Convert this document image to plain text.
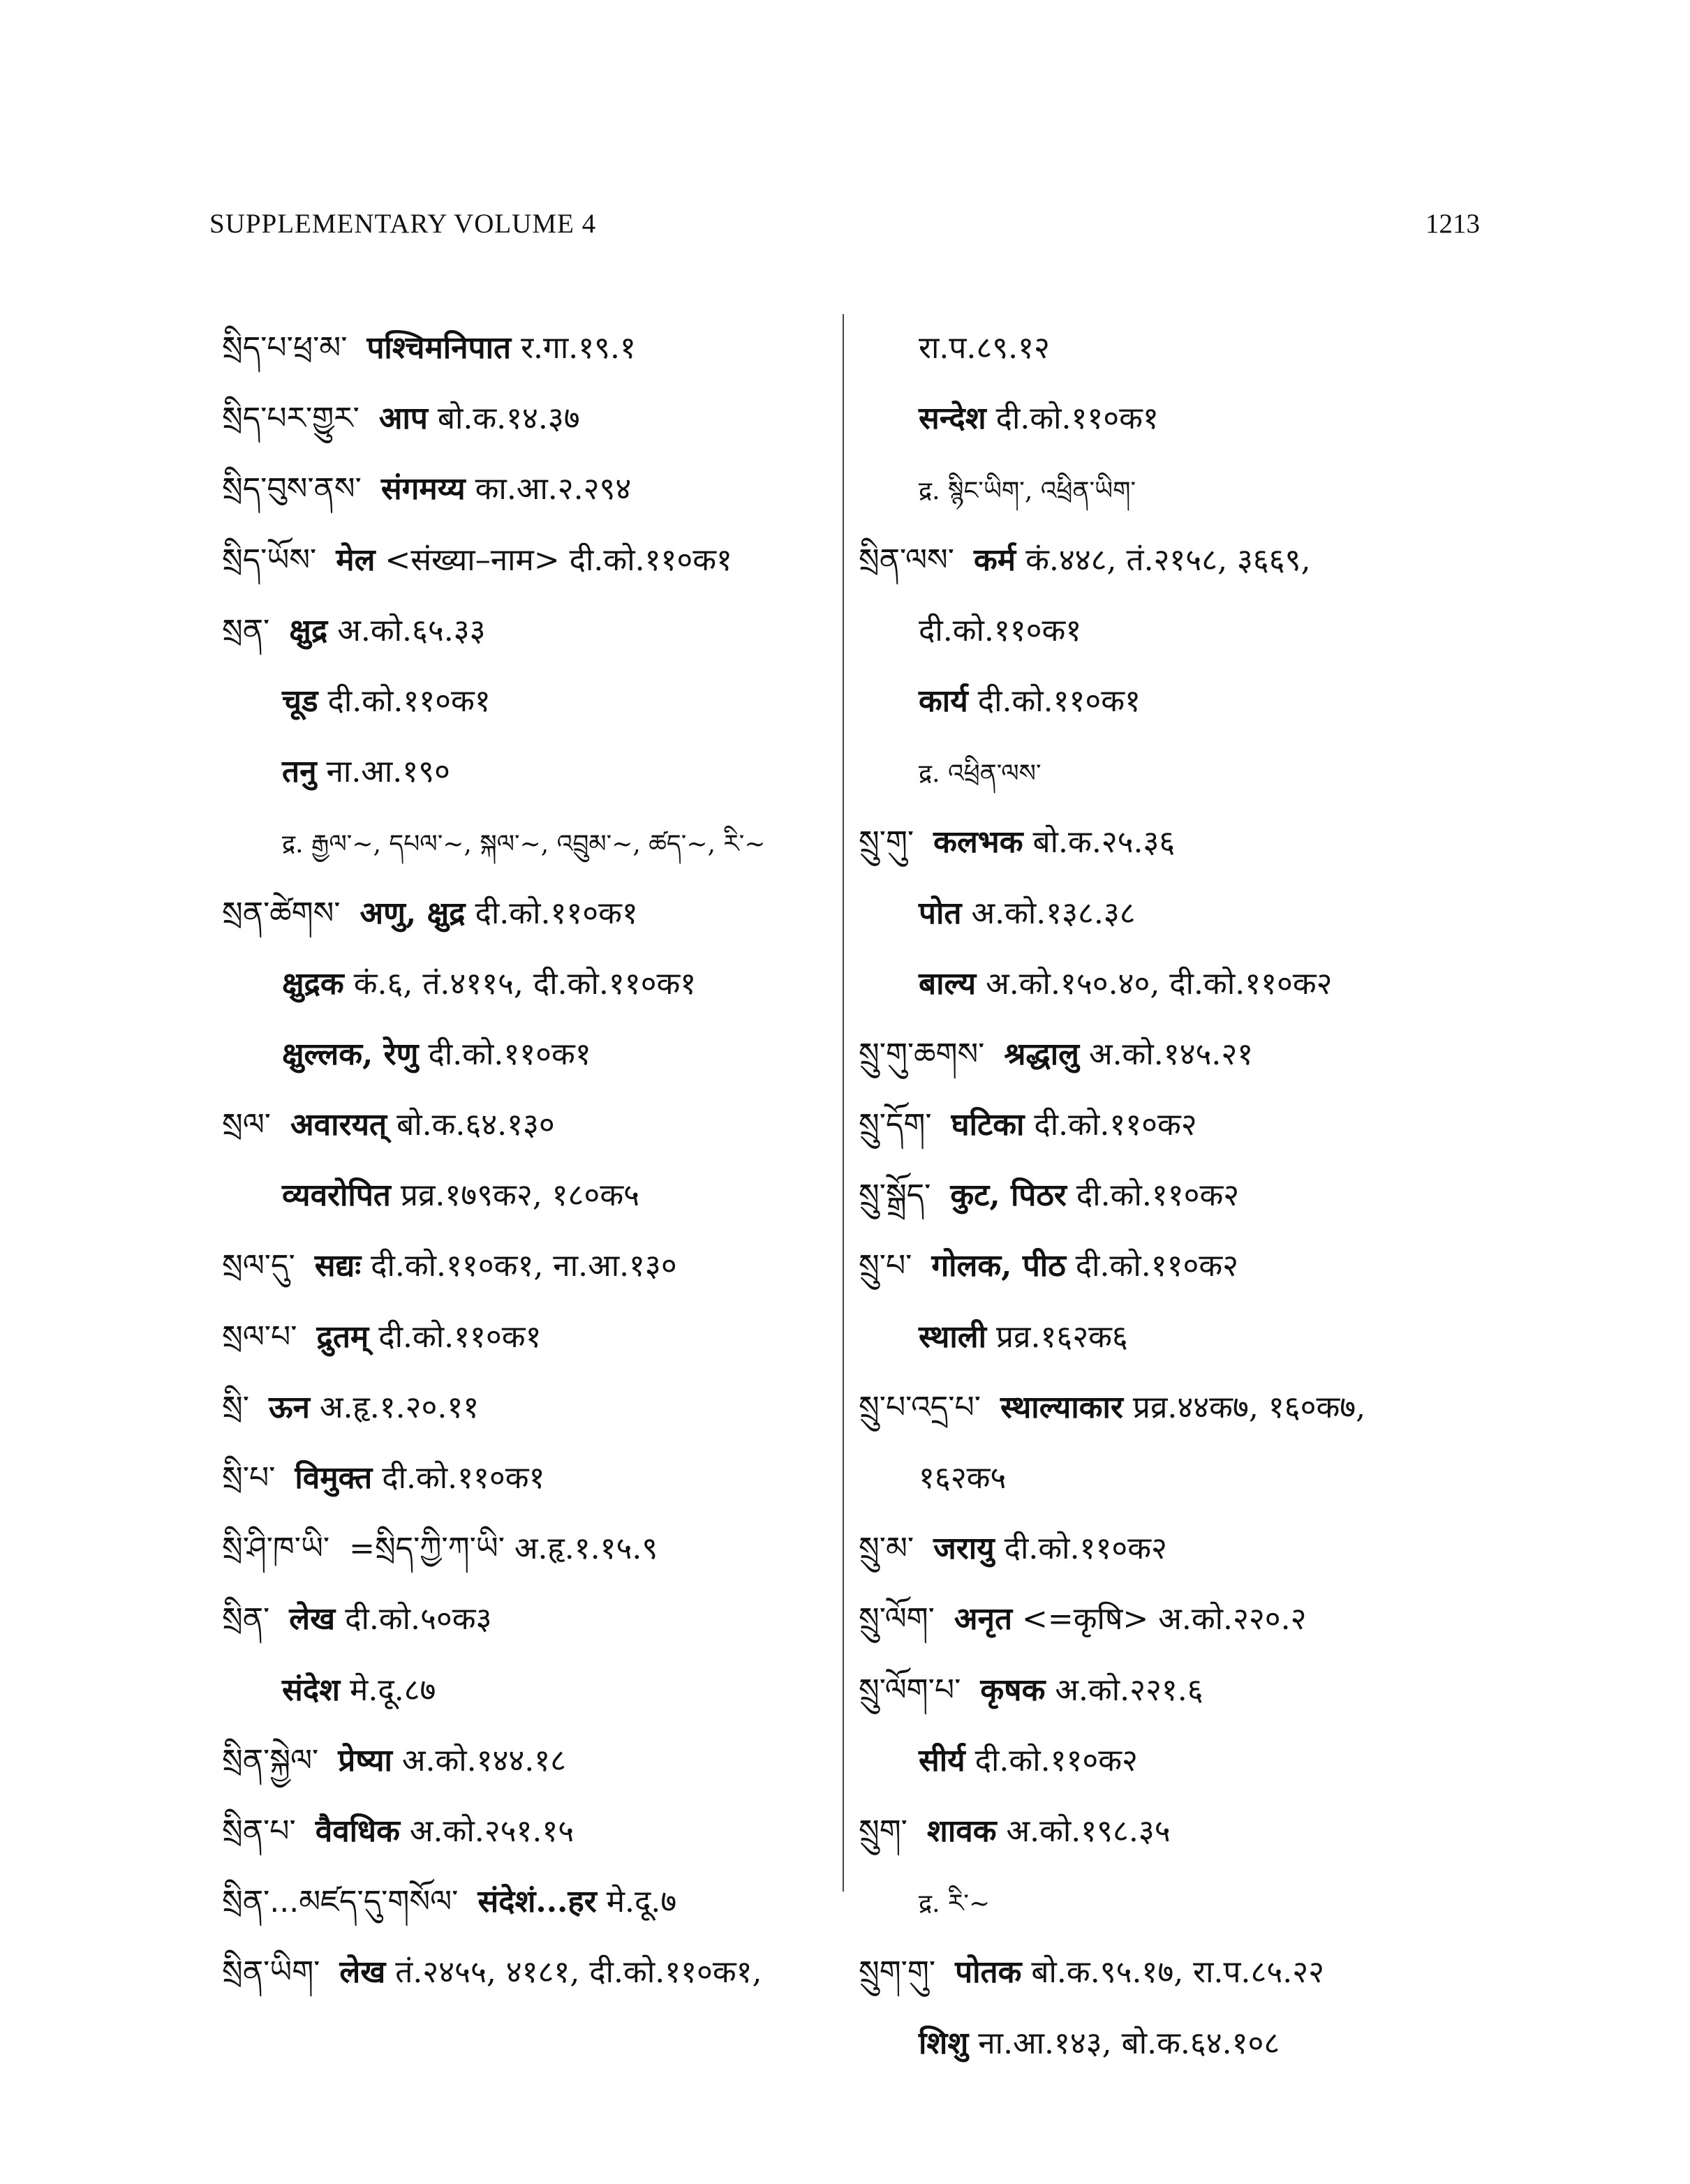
SUPPLEMENTARY VOLUME 4	1213
སྲིད་པ་ཕྲ་མ་ पश्चिमनिपात र.गा.१९.१
སྲིད་པར་གྱུར་ आप बो.क.१४.३७
སྲིད་བུས་ནས་ संगमय्य का.आ.२.२९४
སྲིད་ཡོས་ मेल <संख्या–नाम> दी.को.११०क१
སྲན་ क्षुद्र अ.को.६५.३३
चूड दी.को.११०क१
तनु ना.आ.१९०
द्र. རྒྱལ་~, དཔལ་~, སྐལ་~, འབྲུམ་~, ཚད་~, རི་~
སྲན་ཚེགས་ अणु, क्षुद्र दी.को.११०क१
क्षुद्रक कं.६, तं.४११५, दी.को.११०क१
क्षुल्लक, रेणु दी.को.११०क१
སྲལ་ अवारयत् बो.क.६४.१३०
व्यवरोपित प्रव्र.१७९क२, १८०क५
སྲལ་དུ་ सद्यः दी.को.११०क१, ना.आ.१३०
སྲལ་པ་ द्रुतम् दी.को.११०क१
སྲི་ ऊन अ.हृ.१.२०.११
སྲི་པ་ विमुक्त दी.को.११०क१
སྲི་ཤི་ཁ་ཡི་ =སྲིད་ཀྱི་ཀ་ཡི་ अ.हृ.१.१५.९
སྲིན་ लेख दी.को.५०क३
संदेश मे.दू.८७
སྲིན་སྐྱེལ་ प्रेष्या अ.को.१४४.१८
སྲིན་པ་ वैवधिक अ.को.२५१.१५
སྲིན་...མཛད་དུ་གསོལ་ संदेशं...हर मे.दू.७
སྲིན་ཡིག་ लेख तं.२४५५, ४१८१, दी.को.११०क१,
रा.प.८९.१२
सन्देश दी.को.११०क१
द्र. སྙིང་ཡིག་, འཕྲིན་ཡིག་
སྲིན་ལས་ कर्म कं.४४८, तं.२१५८, ३६६९,
दी.को.११०क१
कार्य दी.को.११०क१
द्र. འཕྲིན་ལས་
སྲུ་གུ་ कलभक बो.क.२५.३६
पोत अ.को.१३८.३८
बाल्य अ.को.१५०.४०, दी.को.११०क२
སྲུ་གུ་ཆགས་ श्रद्धालु अ.को.१४५.२१
སྲུ་དོག་ घटिका दी.को.११०क२
སྲུ་སྒྲོད་ कुट, पिठर दी.को.११०क२
སྲུ་པ་ गोलक, पीठ दी.को.११०क२
स्थाली प्रव्र.१६२क६
སྲུ་པ་འདྲ་པ་ स्थाल्याकार प्रव्र.४४क७, १६०क७,
१६२क५
སྲུ་མ་ जरायु दी.को.११०क२
སྲུ་ལོག་ अनृत <=कृषि> अ.को.२२०.२
སྲུ་ལོག་པ་ कृषक अ.को.२२१.६
सीर्य दी.को.११०क२
སྲུག་ शावक अ.को.१९८.३५
द्र. རི་~
སྲུག་གུ་ पोतक बो.क.९५.१७, रा.प.८५.२२
शिशु ना.आ.१४३, बो.क.६४.१०८
